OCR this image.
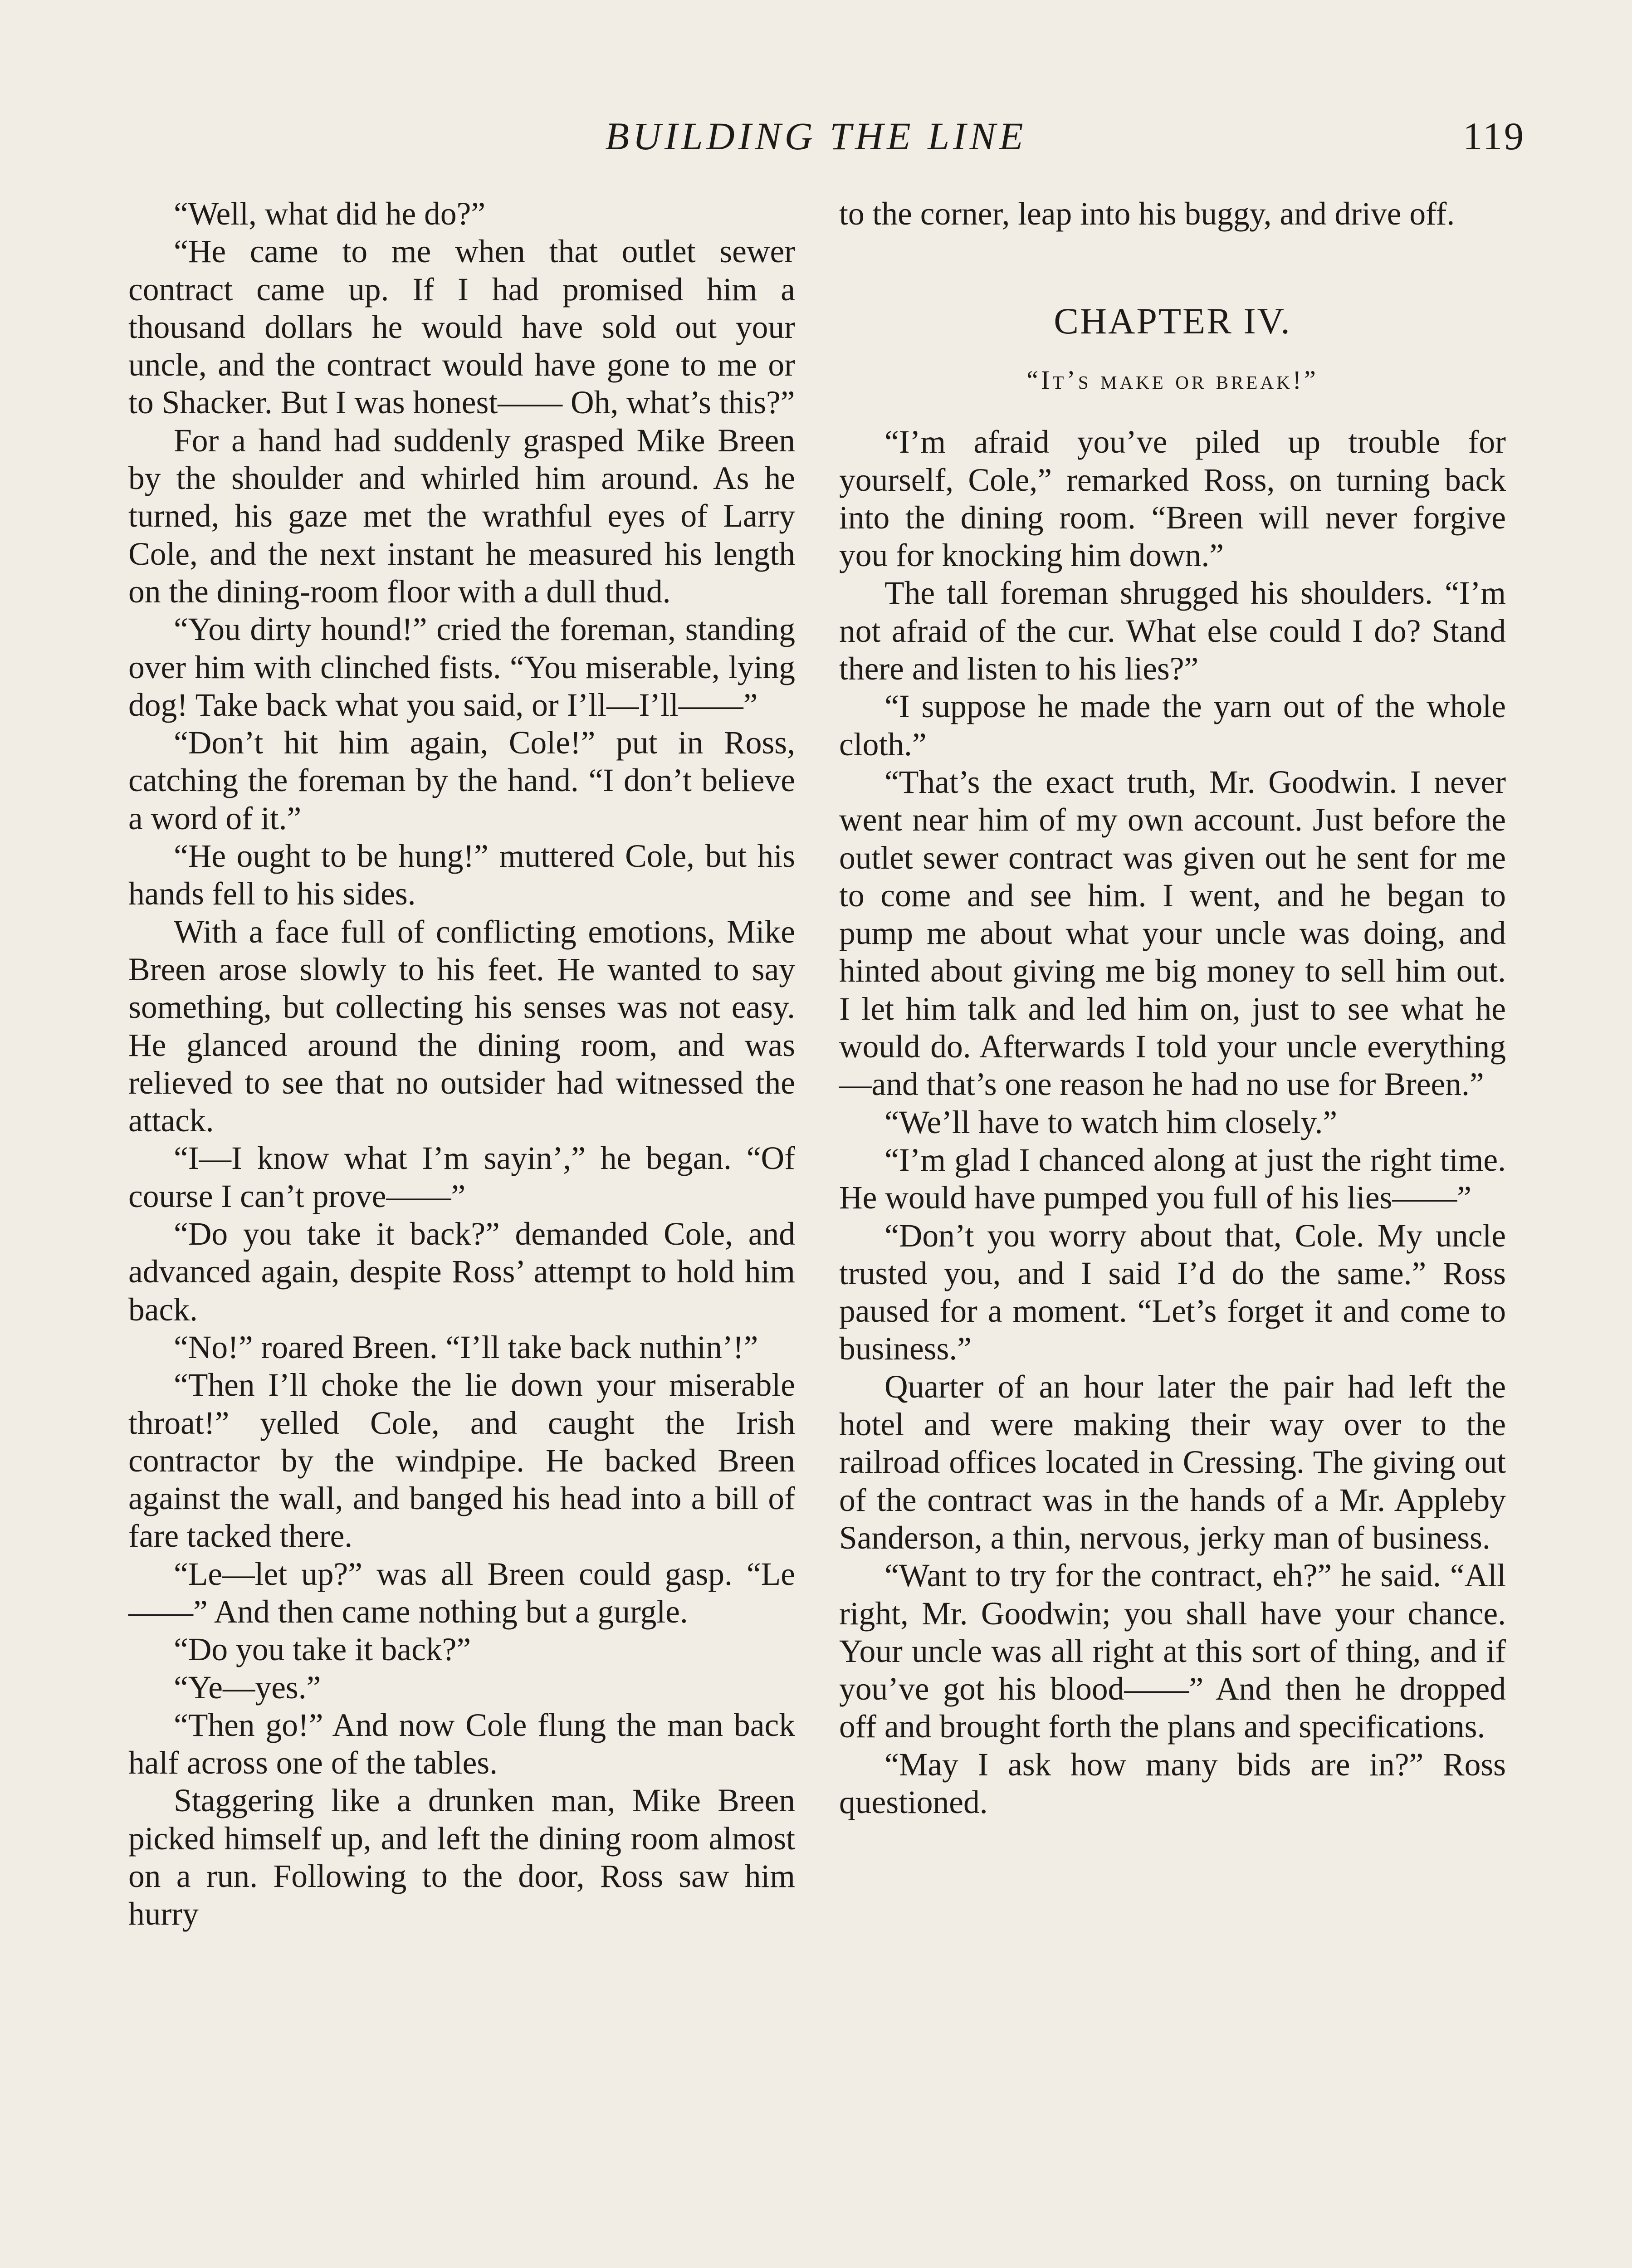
BUILDING THE LINE	119

“Well, what did he do?”

“He came to me when that outlet sewer contract came up. If I had promised him a thousand dollars he would have sold out your uncle, and the contract would have gone to me or to Shacker. But I was honest—— Oh, what’s this?”

For a hand had suddenly grasped Mike Breen by the shoulder and whirled him around. As he turned, his gaze met the wrathful eyes of Larry Cole, and the next instant he measured his length on the dining-room floor with a dull thud.

“You dirty hound!” cried the foreman, standing over him with clinched fists. “You miserable, lying dog! Take back what you said, or I’ll—I’ll——”

“Don’t hit him again, Cole!” put in Ross, catching the foreman by the hand. “I don’t believe a word of it.”

“He ought to be hung!” muttered Cole, but his hands fell to his sides.

With a face full of conflicting emotions, Mike Breen arose slowly to his feet. He wanted to say something, but collecting his senses was not easy. He glanced around the dining room, and was relieved to see that no outsider had witnessed the attack.

“I—I know what I’m sayin’,” he began. “Of course I can’t prove——”

“Do you take it back?” demanded Cole, and advanced again, despite Ross’ attempt to hold him back.

“No!” roared Breen. “I’ll take back nuthin’!”

“Then I’ll choke the lie down your miserable throat!” yelled Cole, and caught the Irish contractor by the windpipe. He backed Breen against the wall, and banged his head into a bill of fare tacked there.

“Le—let up?” was all Breen could gasp. “Le——” And then came nothing but a gurgle.

“Do you take it back?”

“Ye—yes.”

“Then go!” And now Cole flung the man back half across one of the tables.

Staggering like a drunken man, Mike Breen picked himself up, and left the dining room almost on a run. Following to the door, Ross saw him hurry

to the corner, leap into his buggy, and drive off.

CHAPTER IV.
“It’s make or break!”

“I’m afraid you’ve piled up trouble for yourself, Cole,” remarked Ross, on turning back into the dining room. “Breen will never forgive you for knocking him down.”

The tall foreman shrugged his shoulders. “I’m not afraid of the cur. What else could I do? Stand there and listen to his lies?”

“I suppose he made the yarn out of the whole cloth.”

“That’s the exact truth, Mr. Goodwin. I never went near him of my own account. Just before the outlet sewer contract was given out he sent for me to come and see him. I went, and he began to pump me about what your uncle was doing, and hinted about giving me big money to sell him out. I let him talk and led him on, just to see what he would do. Afterwards I told your uncle everything—and that’s one reason he had no use for Breen.”

“We’ll have to watch him closely.”

“I’m glad I chanced along at just the right time. He would have pumped you full of his lies——”

“Don’t you worry about that, Cole. My uncle trusted you, and I said I’d do the same.” Ross paused for a moment. “Let’s forget it and come to business.”

Quarter of an hour later the pair had left the hotel and were making their way over to the railroad offices located in Cressing. The giving out of the contract was in the hands of a Mr. Appleby Sanderson, a thin, nervous, jerky man of business.

“Want to try for the contract, eh?” he said. “All right, Mr. Goodwin; you shall have your chance. Your uncle was all right at this sort of thing, and if you’ve got his blood——” And then he dropped off and brought forth the plans and specifications.

“May I ask how many bids are in?” Ross questioned.
